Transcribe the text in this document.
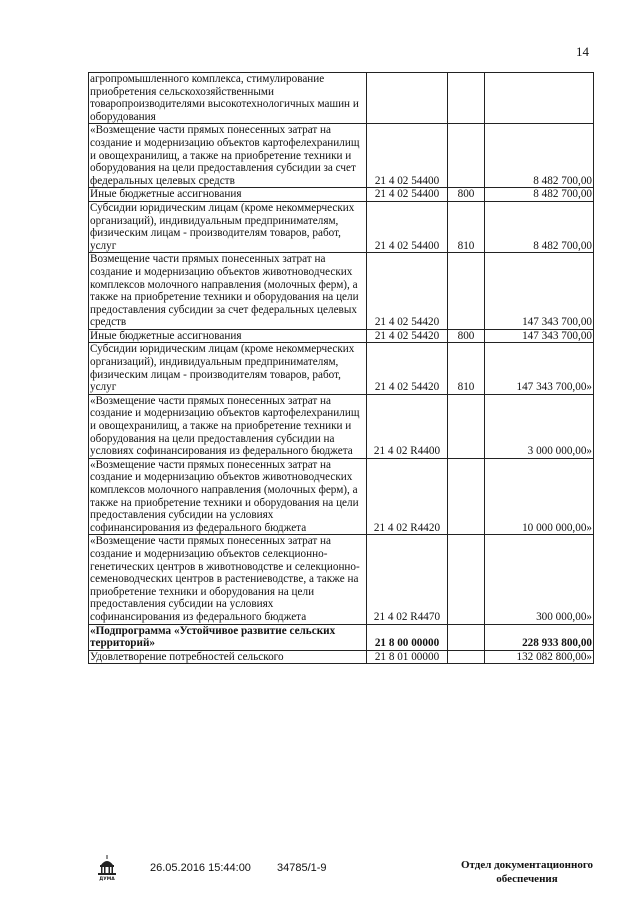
14
агропромышленного комплекса, стимулирование приобретения сельскохозяйственными товаропроизводителями высокотехнологичных машин и оборудования			
«Возмещение части прямых понесенных затрат на создание и модернизацию объектов картофелехранилищ и овощехранилищ, а также на приобретение техники и оборудования на цели предоставления субсидии за счет федеральных целевых средств	21 4 02 54400		8 482 700,00
Иные бюджетные ассигнования	21 4 02 54400	800	8 482 700,00
Субсидии юридическим лицам (кроме некоммерческих организаций), индивидуальным предпринимателям, физическим лицам - производителям товаров, работ, услуг	21 4 02 54400	810	8 482 700,00
Возмещение части прямых понесенных затрат на создание и модернизацию объектов животноводческих комплексов молочного направления (молочных ферм), а также на приобретение техники и оборудования на цели предоставления субсидии за счет федеральных целевых средств	21 4 02 54420		147 343 700,00
Иные бюджетные ассигнования	21 4 02 54420	800	147 343 700,00
Субсидии юридическим лицам (кроме некоммерческих организаций), индивидуальным предпринимателям, физическим лицам - производителям товаров, работ, услуг	21 4 02 54420	810	147 343 700,00»
«Возмещение части прямых понесенных затрат на создание и модернизацию объектов картофелехранилищ и овощехранилищ, а также на приобретение техники и оборудования на цели предоставления субсидии на условиях софинансирования из федерального бюджета	21 4 02 R4400		3 000 000,00»
«Возмещение части прямых понесенных затрат на создание и модернизацию объектов животноводческих комплексов молочного направления (молочных ферм), а также на приобретение техники и оборудования на цели предоставления субсидии на условиях софинансирования из федерального бюджета	21 4 02 R4420		10 000 000,00»
«Возмещение части прямых понесенных затрат на создание и модернизацию объектов селекционно-генетических центров в животноводстве и селекционно-семеноводческих центров в растениеводстве, а также на приобретение техники и оборудования на цели предоставления субсидии на условиях софинансирования из федерального бюджета	21 4 02 R4470		300 000,00»
«Подпрограмма «Устойчивое развитие сельских территорий»	21 8 00 00000		228 933 800,00
Удовлетворение потребностей сельского	21 8 01 00000		132 082 800,00»
ДУМА
26.05.2016 15:44:00 34785/1-9	Отдел документационного обеспечения
